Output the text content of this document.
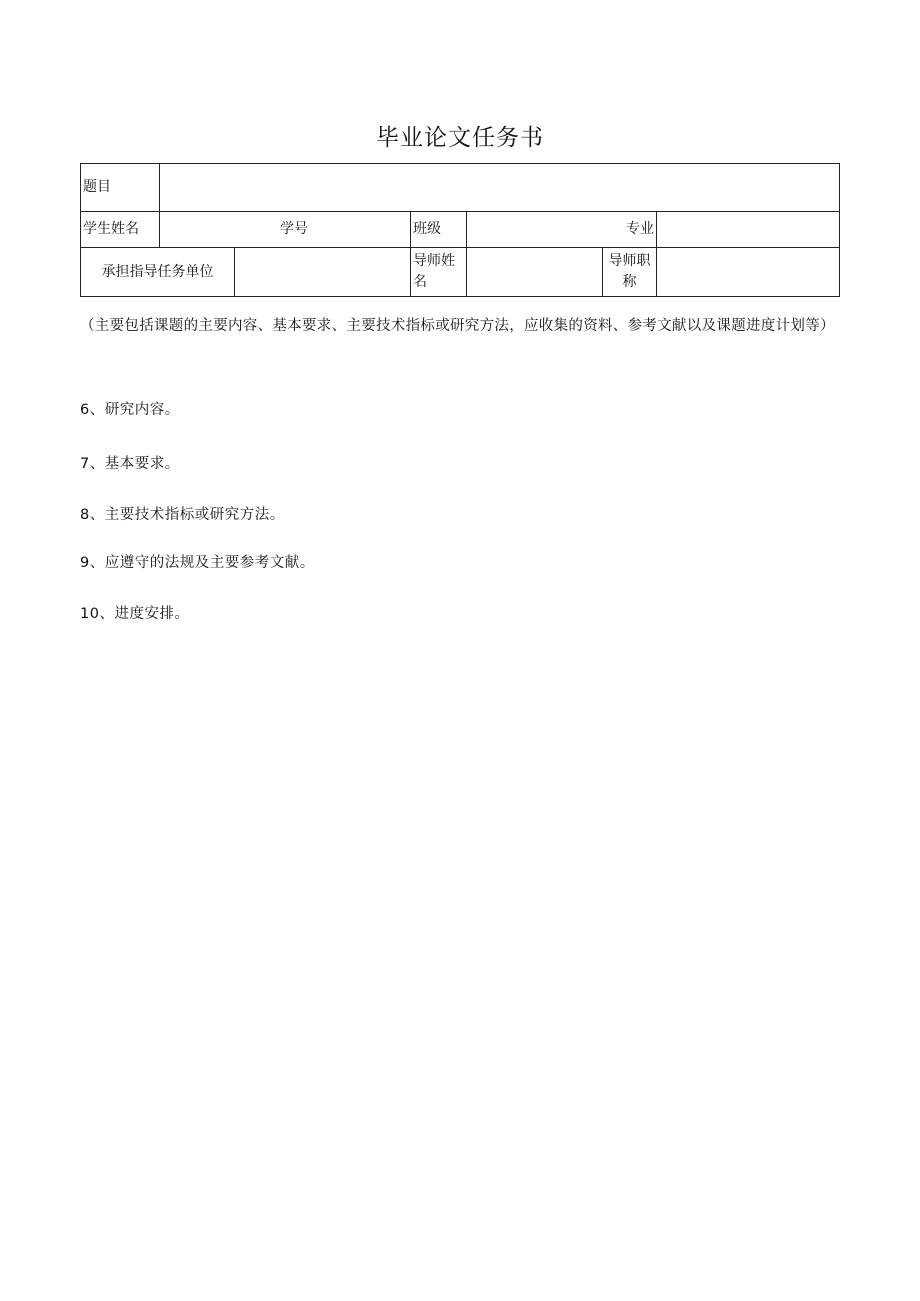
毕业论文任务书
题目						
学生姓名	学号		班级	专业		

承担指导任务单位			导师姓名		导师职称	
（主要包括课题的主要内容、基本要求、主要技术指标或研究方法，应收集的资料、参考文献以及课题进度计划等）
6、研究内容。
7、基本要求。
8、主要技术指标或研究方法。
9、应遵守的法规及主要参考文献。
10、进度安排。
